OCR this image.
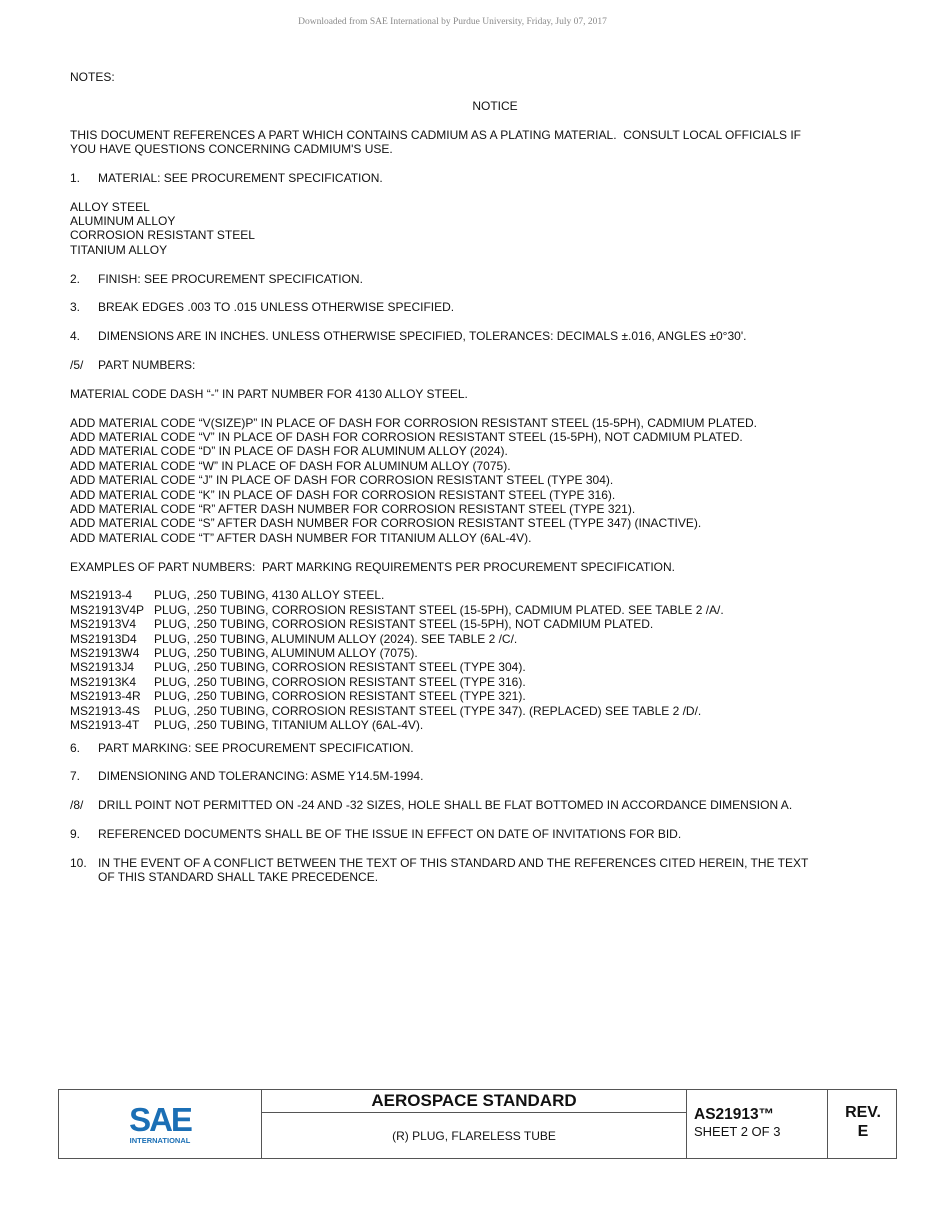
Downloaded from SAE International by Purdue University, Friday, July 07, 2017
NOTES:
NOTICE
THIS DOCUMENT REFERENCES A PART WHICH CONTAINS CADMIUM AS A PLATING MATERIAL.  CONSULT LOCAL OFFICIALS IF
YOU HAVE QUESTIONS CONCERNING CADMIUM'S USE.
1.	MATERIAL: SEE PROCUREMENT SPECIFICATION.
ALLOY STEEL
ALUMINUM ALLOY
CORROSION RESISTANT STEEL
TITANIUM ALLOY
2.	FINISH: SEE PROCUREMENT SPECIFICATION.
3.	BREAK EDGES .003 TO .015 UNLESS OTHERWISE SPECIFIED.
4.	DIMENSIONS ARE IN INCHES. UNLESS OTHERWISE SPECIFIED, TOLERANCES: DECIMALS ±.016, ANGLES ±0°30'.
/5/	PART NUMBERS:
MATERIAL CODE DASH “-” IN PART NUMBER FOR 4130 ALLOY STEEL.
ADD MATERIAL CODE “V(SIZE)P” IN PLACE OF DASH FOR CORROSION RESISTANT STEEL (15-5PH), CADMIUM PLATED.
ADD MATERIAL CODE “V” IN PLACE OF DASH FOR CORROSION RESISTANT STEEL (15-5PH), NOT CADMIUM PLATED.
ADD MATERIAL CODE “D” IN PLACE OF DASH FOR ALUMINUM ALLOY (2024).
ADD MATERIAL CODE “W” IN PLACE OF DASH FOR ALUMINUM ALLOY (7075).
ADD MATERIAL CODE “J” IN PLACE OF DASH FOR CORROSION RESISTANT STEEL (TYPE 304).
ADD MATERIAL CODE “K” IN PLACE OF DASH FOR CORROSION RESISTANT STEEL (TYPE 316).
ADD MATERIAL CODE “R” AFTER DASH NUMBER FOR CORROSION RESISTANT STEEL (TYPE 321).
ADD MATERIAL CODE “S” AFTER DASH NUMBER FOR CORROSION RESISTANT STEEL (TYPE 347) (INACTIVE).
ADD MATERIAL CODE “T” AFTER DASH NUMBER FOR TITANIUM ALLOY (6AL-4V).
EXAMPLES OF PART NUMBERS:  PART MARKING REQUIREMENTS PER PROCUREMENT SPECIFICATION.
MS21913-4	PLUG, .250 TUBING, 4130 ALLOY STEEL.
MS21913V4P PLUG, .250 TUBING, CORROSION RESISTANT STEEL (15-5PH), CADMIUM PLATED. SEE TABLE 2 /A/.
MS21913V4	PLUG, .250 TUBING, CORROSION RESISTANT STEEL (15-5PH), NOT CADMIUM PLATED.
MS21913D4	PLUG, .250 TUBING, ALUMINUM ALLOY (2024). SEE TABLE 2 /C/.
MS21913W4	PLUG, .250 TUBING, ALUMINUM ALLOY (7075).
MS21913J4	PLUG, .250 TUBING, CORROSION RESISTANT STEEL (TYPE 304).
MS21913K4	PLUG, .250 TUBING, CORROSION RESISTANT STEEL (TYPE 316).
MS21913-4R	PLUG, .250 TUBING, CORROSION RESISTANT STEEL (TYPE 321).
MS21913-4S	PLUG, .250 TUBING, CORROSION RESISTANT STEEL (TYPE 347). (REPLACED) SEE TABLE 2 /D/.
MS21913-4T	PLUG, .250 TUBING, TITANIUM ALLOY (6AL-4V).
6.	PART MARKING: SEE PROCUREMENT SPECIFICATION.
7.	DIMENSIONING AND TOLERANCING: ASME Y14.5M-1994.
/8/	DRILL POINT NOT PERMITTED ON -24 AND -32 SIZES, HOLE SHALL BE FLAT BOTTOMED IN ACCORDANCE DIMENSION A.
9.	REFERENCED DOCUMENTS SHALL BE OF THE ISSUE IN EFFECT ON DATE OF INVITATIONS FOR BID.
10. IN THE EVENT OF A CONFLICT BETWEEN THE TEXT OF THIS STANDARD AND THE REFERENCES CITED HEREIN, THE TEXT
OF THIS STANDARD SHALL TAKE PRECEDENCE.
SAE
INTERNATIONAL
AEROSPACE STANDARD
(R) PLUG, FLARELESS TUBE
AS21913™
SHEET 2 OF 3
REV.
E
